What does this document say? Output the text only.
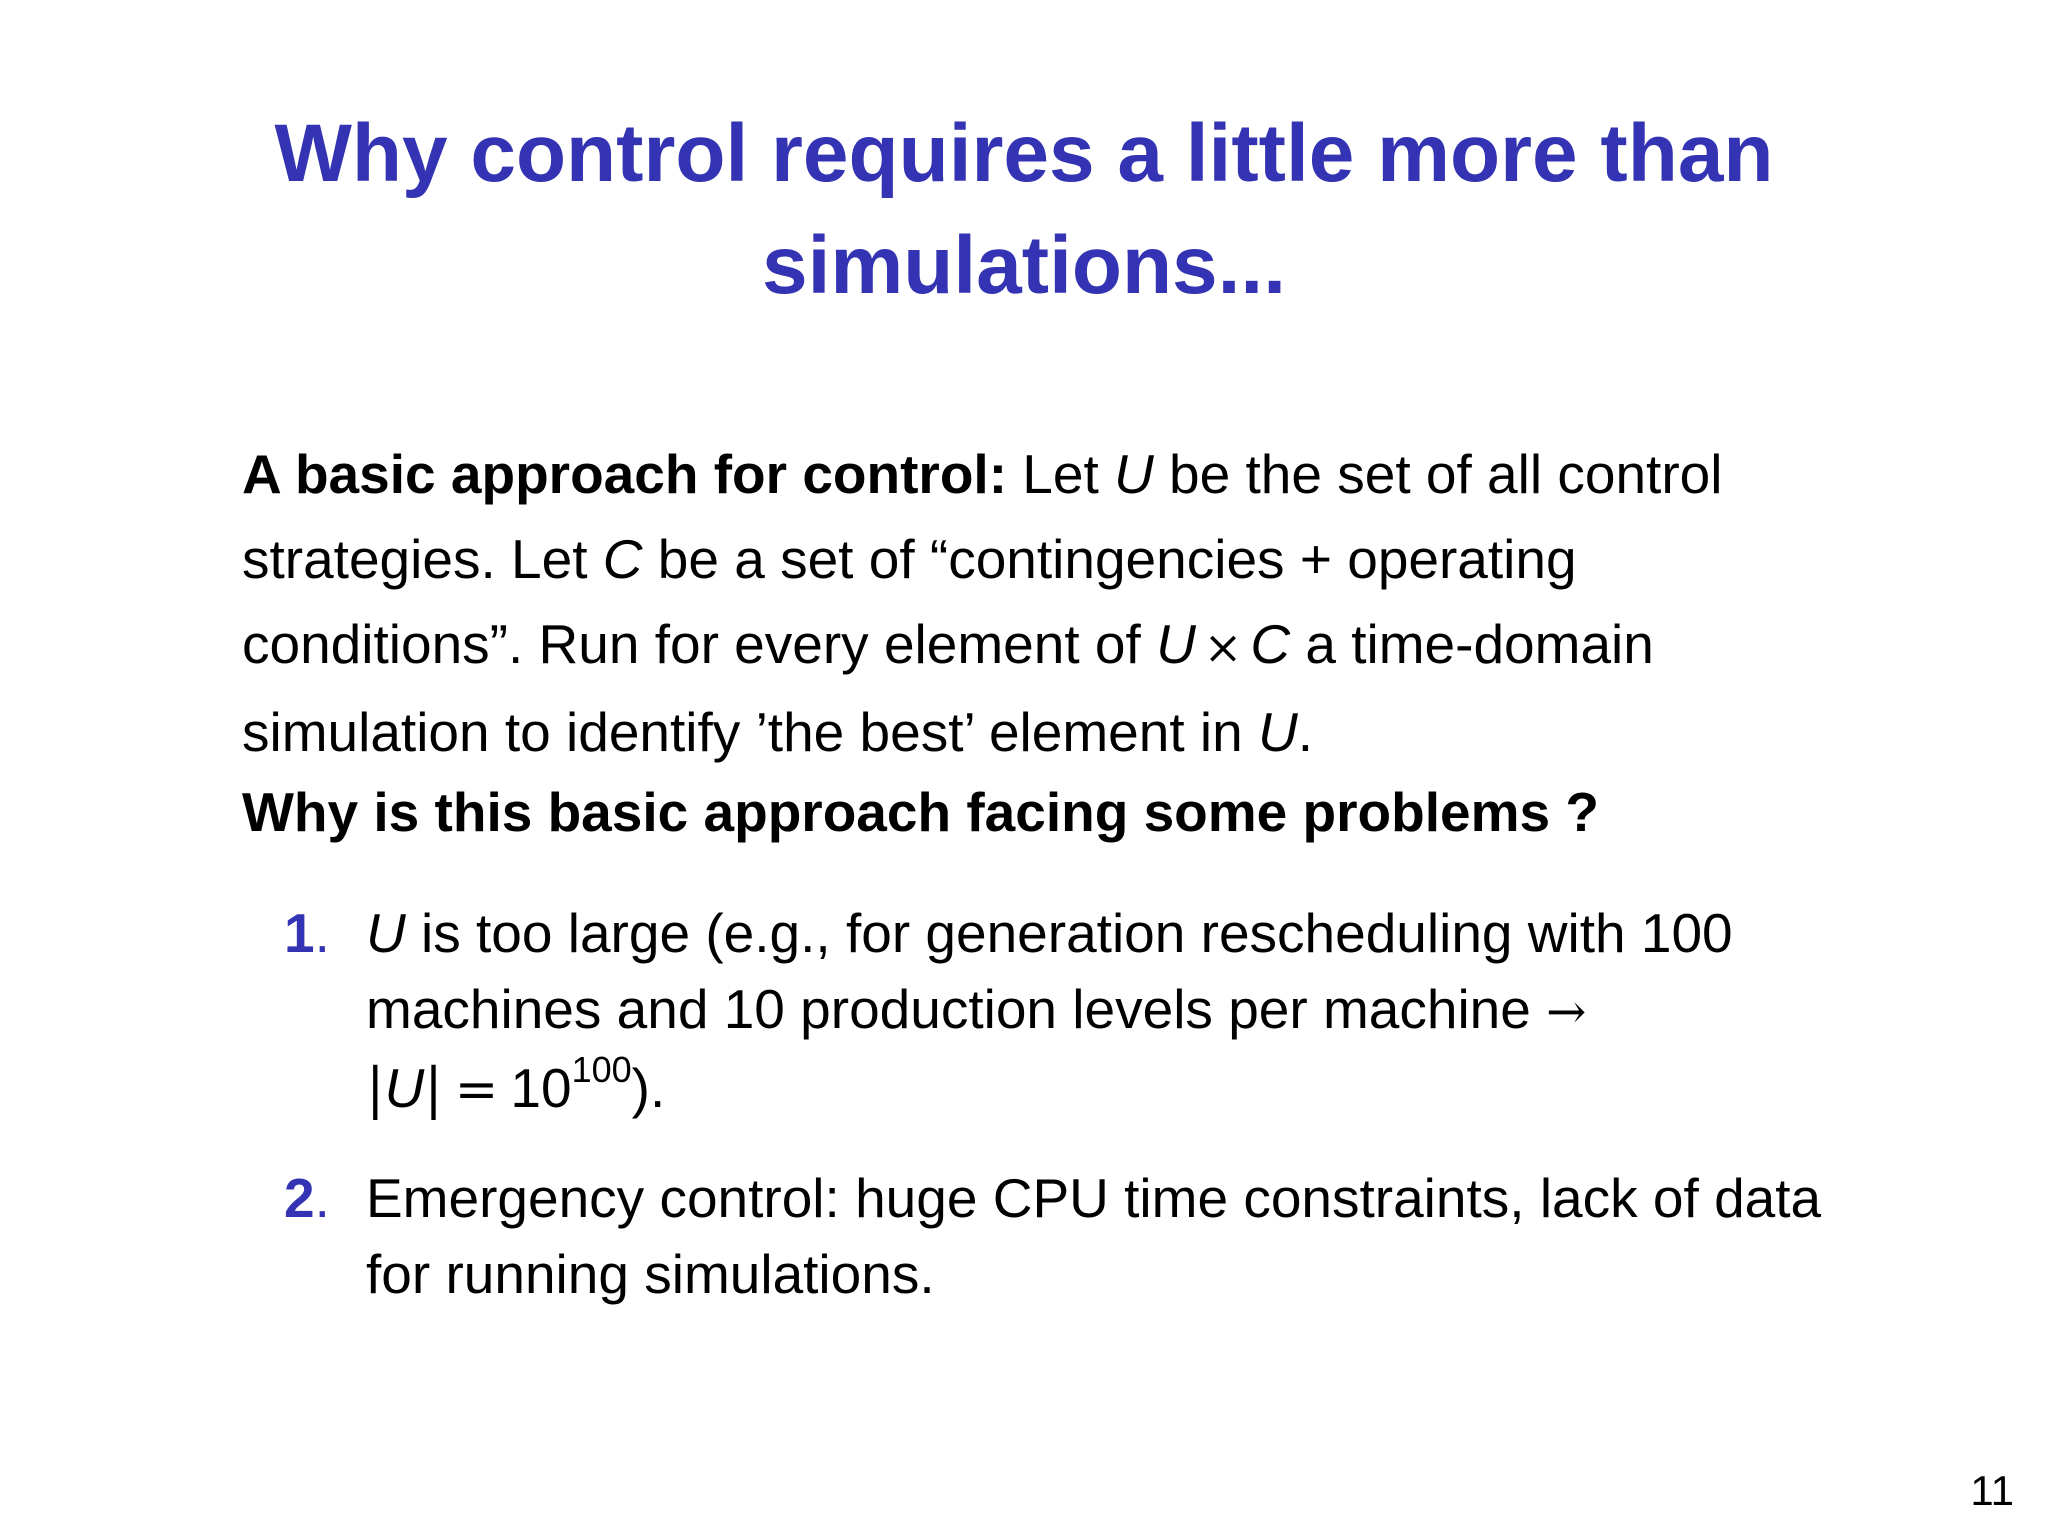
Why control requires a little more than
simulations...
A basic approach for control: Let U be the set of all control strategies. Let C be a set of “contingencies + operating conditions”. Run for every element of U × C a time-domain simulation to identify ’the best’ element in U.
Why is this basic approach facing some problems ?
1. U is too large (e.g., for generation rescheduling with 100 machines and 10 production levels per machine →
$|U| = 10^{100}$).
2. Emergency control: huge CPU time constraints, lack of data for running simulations.
11
